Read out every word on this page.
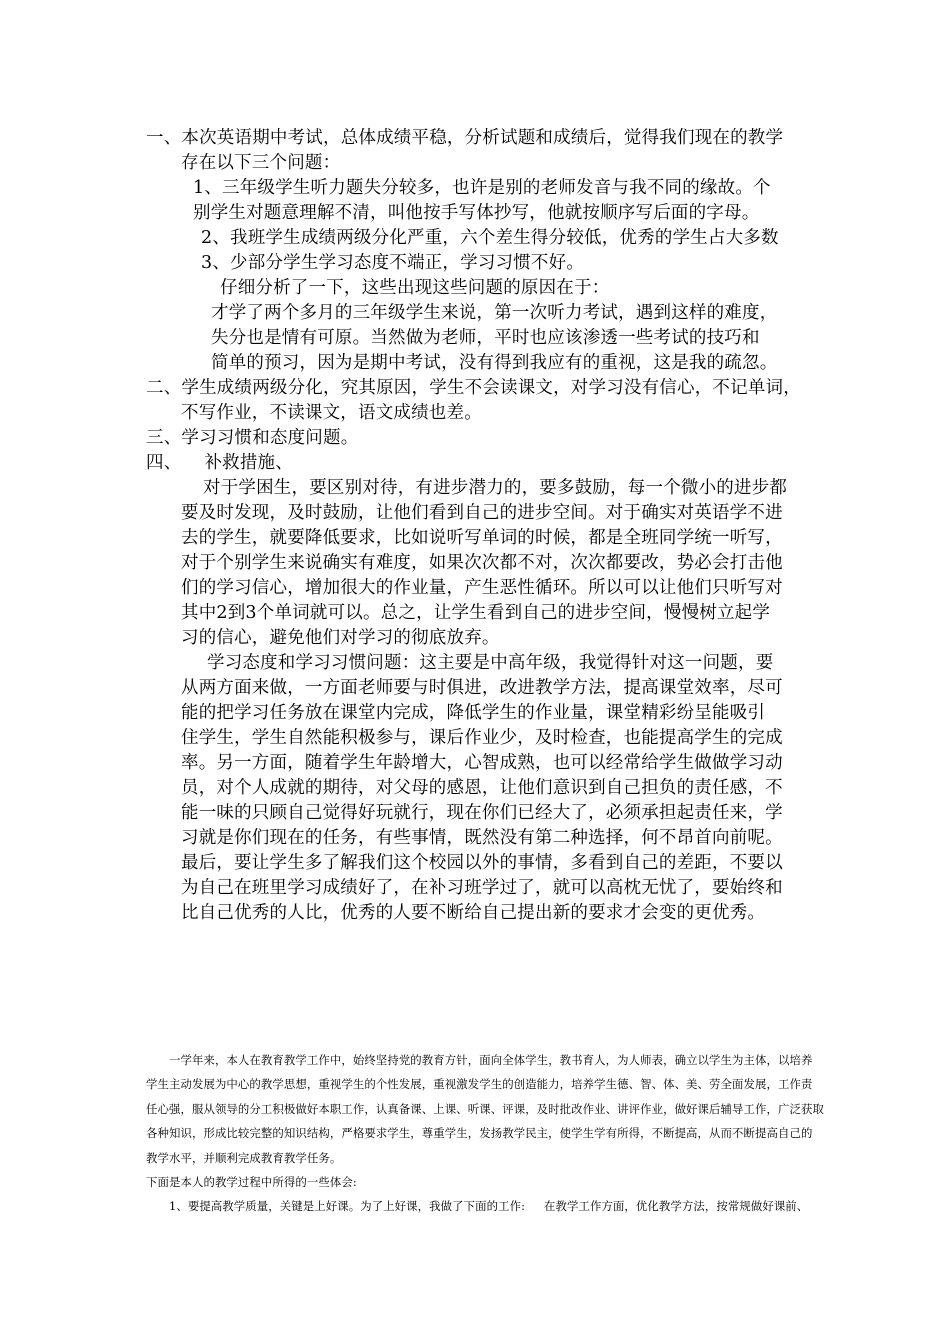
一、本次英语期中考试，总体成绩平稳，分析试题和成绩后，觉得我们现在的教学

存在以下三个问题：

1、三年级学生听力题失分较多，也许是别的老师发音与我不同的缘故。个

别学生对题意理解不清，叫他按手写体抄写，他就按顺序写后面的字母。

2、我班学生成绩两级分化严重，六个差生得分较低，优秀的学生占大多数

3、少部分学生学习态度不端正，学习习惯不好。

仔细分析了一下，这些出现这些问题的原因在于：

才学了两个多月的三年级学生来说，第一次听力考试，遇到这样的难度，

失分也是情有可原。当然做为老师，平时也应该渗透一些考试的技巧和

简单的预习，因为是期中考试，没有得到我应有的重视，这是我的疏忽。

二、学生成绩两级分化，究其原因，学生不会读课文，对学习没有信心，不记单词，

不写作业，不读课文，语文成绩也差。

三、学习习惯和态度问题。

四、    补救措施、

对于学困生，要区别对待，有进步潜力的，要多鼓励，每一个微小的进步都

要及时发现，及时鼓励，让他们看到自己的进步空间。对于确实对英语学不进

去的学生，就要降低要求，比如说听写单词的时候，都是全班同学统一听写，

对于个别学生来说确实有难度，如果次次都不对，次次都要改，势必会打击他

们的学习信心，增加很大的作业量，产生恶性循环。所以可以让他们只听写对

其中2到3个单词就可以。总之，让学生看到自己的进步空间，慢慢树立起学

习的信心，避免他们对学习的彻底放弃。

学习态度和学习习惯问题：这主要是中高年级，我觉得针对这一问题，要

从两方面来做，一方面老师要与时俱进，改进教学方法，提高课堂效率，尽可

能的把学习任务放在课堂内完成，降低学生的作业量，课堂精彩纷呈能吸引

住学生，学生自然能积极参与，课后作业少，及时检查，也能提高学生的完成

率。另一方面，随着学生年龄增大，心智成熟，也可以经常给学生做做学习动

员，对个人成就的期待，对父母的感恩，让他们意识到自己担负的责任感，不

能一味的只顾自己觉得好玩就行，现在你们已经大了，必须承担起责任来，学

习就是你们现在的任务，有些事情，既然没有第二种选择，何不昂首向前呢。

最后，要让学生多了解我们这个校园以外的事情，多看到自己的差距，不要以

为自己在班里学习成绩好了，在补习班学过了，就可以高枕无忧了，要始终和

比自己优秀的人比，优秀的人要不断给自己提出新的要求才会变的更优秀。

一学年来，本人在教育教学工作中，始终坚持党的教育方针，面向全体学生，教书育人，为人师表，确立以学生为主体，以培养

学生主动发展为中心的教学思想，重视学生的个性发展，重视激发学生的创造能力，培养学生德、智、体、美、劳全面发展，工作责

任心强，服从领导的分工积极做好本职工作，认真备课、上课、听课、评课，及时批改作业、讲评作业，做好课后辅导工作，广泛获取

各种知识，形成比较完整的知识结构，严格要求学生，尊重学生，发扬教学民主，使学生学有所得，不断提高，从而不断提高自己的

教学水平，并顺利完成教育教学任务。

下面是本人的教学过程中所得的一些体会:

1、要提高教学质量，关键是上好课。为了上好课，我做了下面的工作: 在教学工作方面，优化教学方法，按常规做好课前、
